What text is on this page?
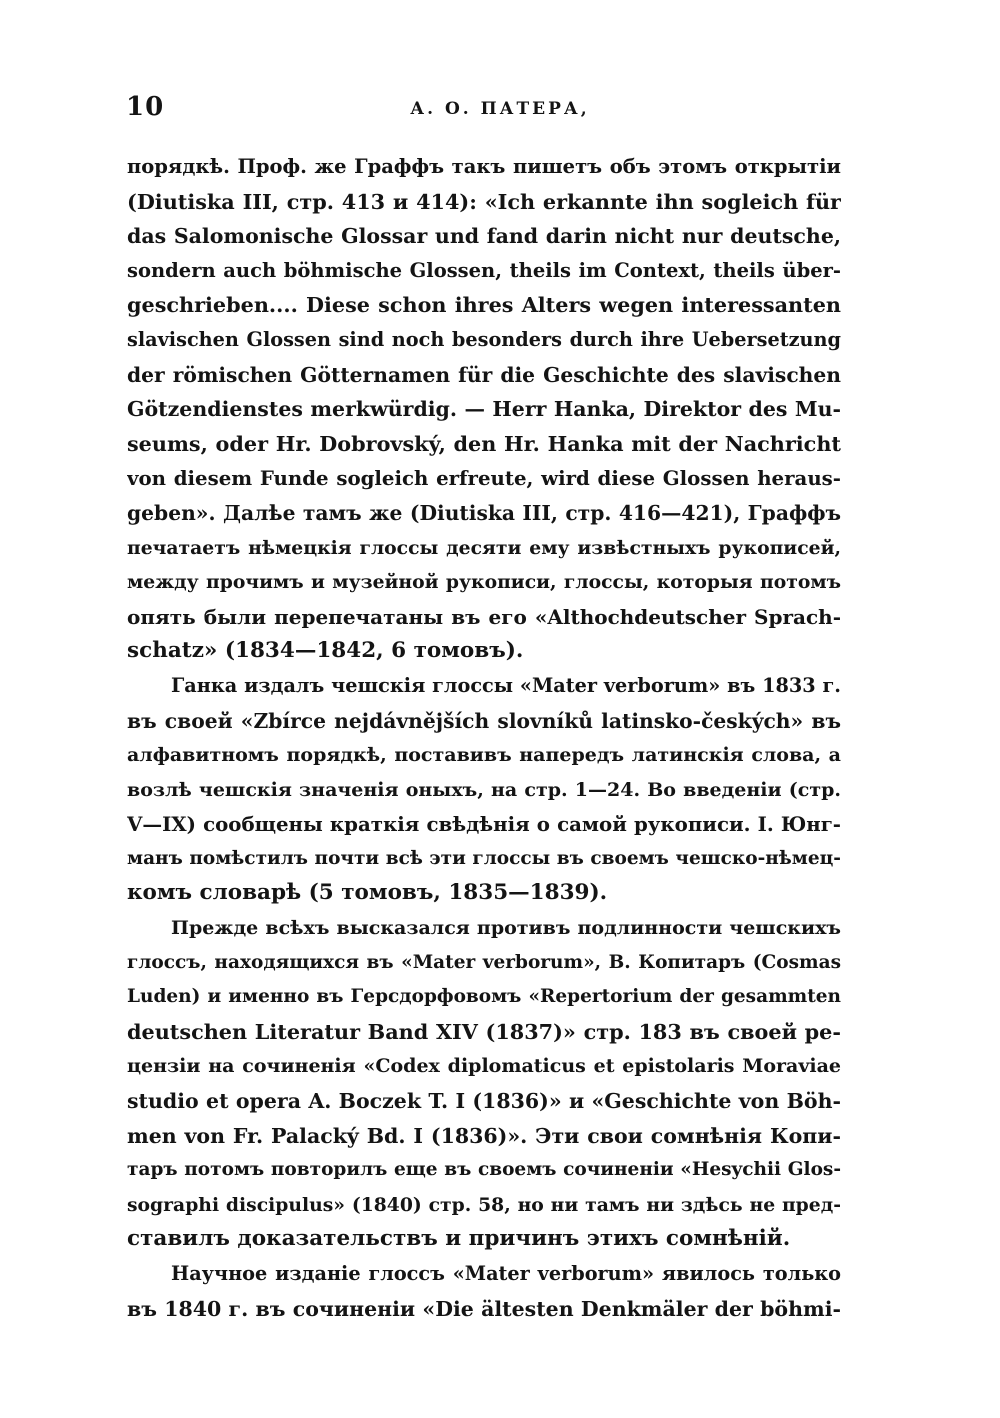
10	А. О. ПАТЕРА,
порядкѣ. Проф. же Граффъ такъ пишетъ объ этомъ открытiи
(Diutiska III, стр. 413 и 414): «Ich erkannte ihn sogleich für
das Salomonische Glossar und fand darin nicht nur deutsche,
sondern auch böhmische Glossen, theils im Context, theils über-
geschrieben.... Diese schon ihres Alters wegen interessanten
slavischen Glossen sind noch besonders durch ihre Uebersetzung
der römischen Götternamen für die Geschichte des slavischen
Götzendienstes merkwürdig. — Herr Hanka, Direktor des Mu-
seums, oder Hr. Dobrovský, den Hr. Hanka mit der Nachricht
von diesem Funde sogleich erfreute, wird diese Glossen heraus-
geben». Далѣе тамъ же (Diutiska III, стр. 416—421), Граффъ
печатаетъ нѣмецкiя глоссы десяти ему извѣстныхъ рукописей,
между прочимъ и музейной рукописи, глоссы, которыя потомъ
опять были перепечатаны въ его «Althochdeutscher Sprach-
schatz» (1834—1842, 6 томовъ).
Ганка издалъ чешскiя глоссы «Mater verborum» въ 1833 г.
въ своей «Zbírce nejdávnějších slovníků latinsko-českých» въ
алфавитномъ порядкѣ, поставивъ напередъ латинскiя слова, а
возлѣ чешскiя значенiя оныхъ, на стр. 1—24. Во введенiи (стр.
V—IX) сообщены краткiя свѣдѣнiя о самой рукописи. I. Юнг-
манъ помѣстилъ почти всѣ эти глоссы въ своемъ чешско-нѣмец-
комъ словарѣ (5 томовъ, 1835—1839).
Прежде всѣхъ высказался противъ подлинности чешскихъ
глоссъ, находящихся въ «Mater verborum», В. Копитаръ (Cosmas
Luden) и именно въ Герсдорфовомъ «Repertorium der gesammten
deutschen Literatur Band XIV (1837)» стр. 183 въ своей ре-
цензiи на сочиненiя «Codex diplomaticus et epistolaris Moraviae
studio et opera A. Boczek T. I (1836)» и «Geschichte von Böh-
men von Fr. Palacký Bd. I (1836)». Эти свои сомнѣнiя Копи-
таръ потомъ повторилъ еще въ своемъ сочиненiи «Hesychii Glos-
sographi discipulus» (1840) стр. 58, но ни тамъ ни здѣсь не пред-
ставилъ доказательствъ и причинъ этихъ сомнѣнiй.
Научное изданiе глоссъ «Mater verborum» явилось только
въ 1840 г. въ сочиненiи «Die ältesten Denkmäler der böhmi-
